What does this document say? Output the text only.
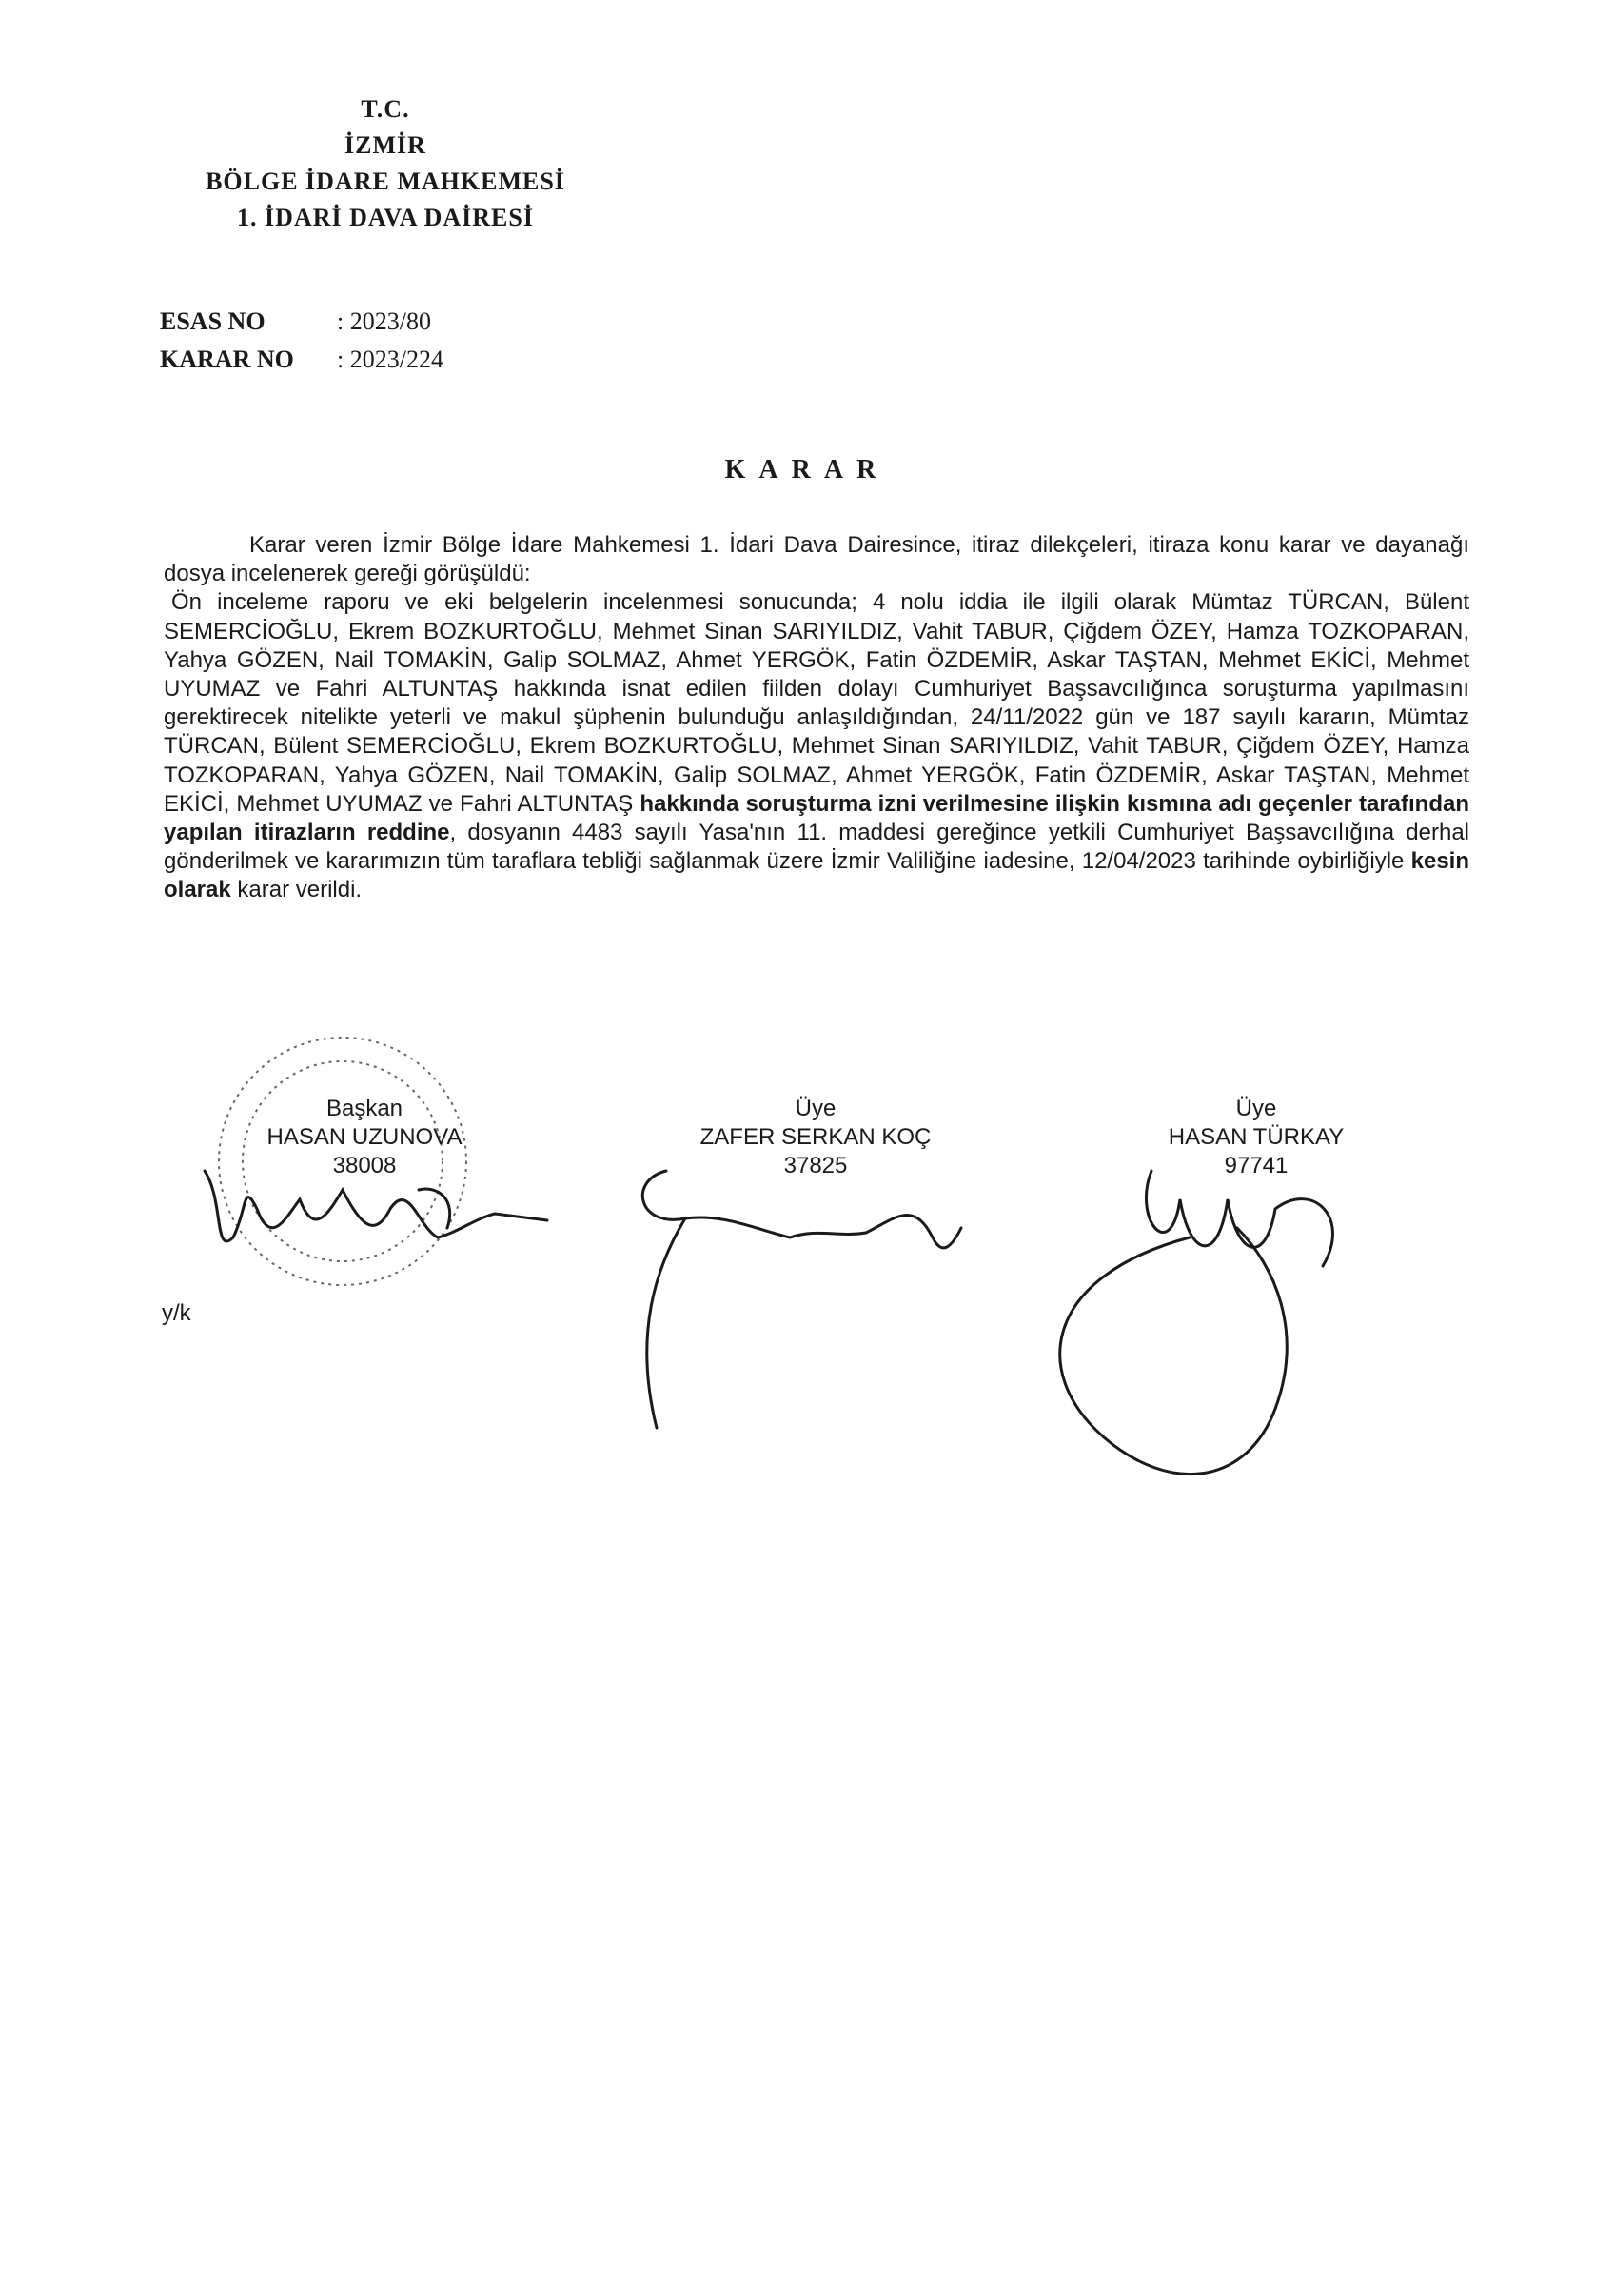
T.C.
İZMİR
BÖLGE İDARE MAHKEMESİ
1. İDARİ DAVA DAİRESİ
ESAS NO	: 2023/80
KARAR NO	: 2023/224
KARAR

Karar veren İzmir Bölge İdare Mahkemesi 1. İdari Dava Dairesince, itiraz dilekçeleri, itiraza konu karar ve dayanağı dosya incelenerek gereği görüşüldü:

Ön inceleme raporu ve eki belgelerin incelenmesi sonucunda; 4 nolu iddia ile ilgili olarak Mümtaz TÜRCAN, Bülent SEMERCİOĞLU, Ekrem BOZKURTOĞLU, Mehmet Sinan SARIYILDIZ, Vahit TABUR, Çiğdem ÖZEY, Hamza TOZKOPARAN, Yahya GÖZEN, Nail TOMAKİN, Galip SOLMAZ, Ahmet YERGÖK, Fatin ÖZDEMİR, Askar TAŞTAN, Mehmet EKİCİ, Mehmet UYUMAZ ve Fahri ALTUNTAŞ hakkında isnat edilen fiilden dolayı Cumhuriyet Başsavcılığınca soruşturma yapılmasını gerektirecek nitelikte yeterli ve makul şüphenin bulunduğu anlaşıldığından, 24/11/2022 gün ve 187 sayılı kararın, Mümtaz TÜRCAN, Bülent SEMERCİOĞLU, Ekrem BOZKURTOĞLU, Mehmet Sinan SARIYILDIZ, Vahit TABUR, Çiğdem ÖZEY, Hamza TOZKOPARAN, Yahya GÖZEN, Nail TOMAKİN, Galip SOLMAZ, Ahmet YERGÖK, Fatin ÖZDEMİR, Askar TAŞTAN, Mehmet EKİCİ, Mehmet UYUMAZ ve Fahri ALTUNTAŞ hakkında soruşturma izni verilmesine ilişkin kısmına adı geçenler tarafından yapılan itirazların reddine, dosyanın 4483 sayılı Yasa'nın 11. maddesi gereğince yetkili Cumhuriyet Başsavcılığına derhal gönderilmek ve kararımızın tüm taraflara tebliği sağlanmak üzere İzmir Valiliğine iadesine, 12/04/2023 tarihinde oybirliğiyle kesin olarak karar verildi.

Başkan
HASAN UZUNOVA
38008
Üye
ZAFER SERKAN KOÇ
37825
Üye
HASAN TÜRKAY
97741
y/k
